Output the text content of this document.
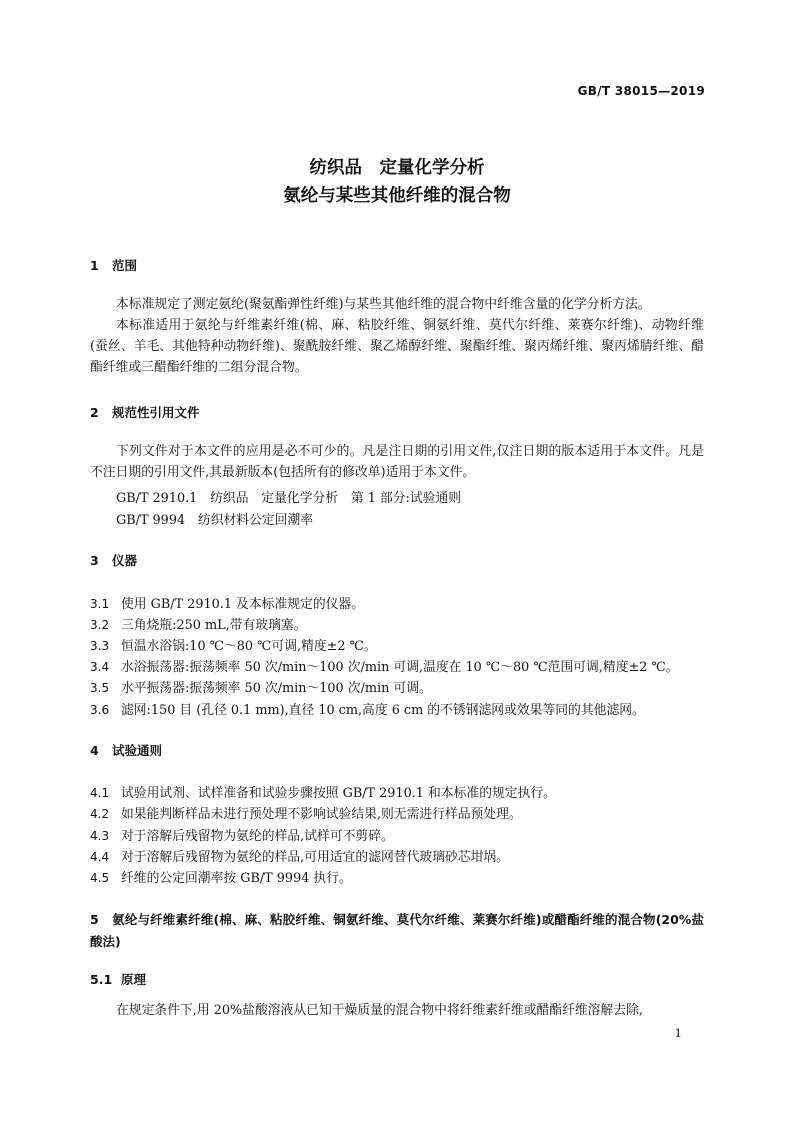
GB/T 38015—2019
纺织品　定量化学分析
氨纶与某些其他纤维的混合物
1 范围

本标准规定了测定氨纶(聚氨酯弹性纤维)与某些其他纤维的混合物中纤维含量的化学分析方法。

本标准适用于氨纶与纤维素纤维(棉、麻、粘胶纤维、铜氨纤维、莫代尔纤维、莱赛尔纤维)、动物纤维(蚕丝、羊毛、其他特种动物纤维)、聚酰胺纤维、聚乙烯醇纤维、聚酯纤维、聚丙烯纤维、聚丙烯腈纤维、醋酯纤维或三醋酯纤维的二组分混合物。

2 规范性引用文件

下列文件对于本文件的应用是必不可少的。凡是注日期的引用文件,仅注日期的版本适用于本文件。凡是不注日期的引用文件,其最新版本(包括所有的修改单)适用于本文件。

GB/T 2910.1　纺织品　定量化学分析　第 1 部分:试验通则
GB/T 9994　纺织材料公定回潮率
3 仪器
3.1 使用 GB/T 2910.1 及本标准规定的仪器。
3.2 三角烧瓶:250 mL,带有玻璃塞。
3.3 恒温水浴锅:10 ℃～80 ℃可调,精度±2 ℃。
3.4 水浴振荡器:振荡频率 50 次/min～100 次/min 可调,温度在 10 ℃～80 ℃范围可调,精度±2 ℃。
3.5 水平振荡器:振荡频率 50 次/min～100 次/min 可调。
3.6 滤网:150 目 (孔径 0.1 mm),直径 10 cm,高度 6 cm 的不锈钢滤网或效果等同的其他滤网。
4 试验通则
4.1 试验用试剂、试样准备和试验步骤按照 GB/T 2910.1 和本标准的规定执行。
4.2 如果能判断样品未进行预处理不影响试验结果,则无需进行样品预处理。
4.3 对于溶解后残留物为氨纶的样品,试样可不剪碎。
4.4 对于溶解后残留物为氨纶的样品,可用适宜的滤网替代玻璃砂芯坩埚。
4.5 纤维的公定回潮率按 GB/T 9994 执行。
5 氨纶与纤维素纤维(棉、麻、粘胶纤维、铜氨纤维、莫代尔纤维、莱赛尔纤维)或醋酯纤维的混合物(20%盐酸法)
5.1 原理

在规定条件下,用 20%盐酸溶液从已知干燥质量的混合物中将纤维素纤维或醋酯纤维溶解去除,

1
